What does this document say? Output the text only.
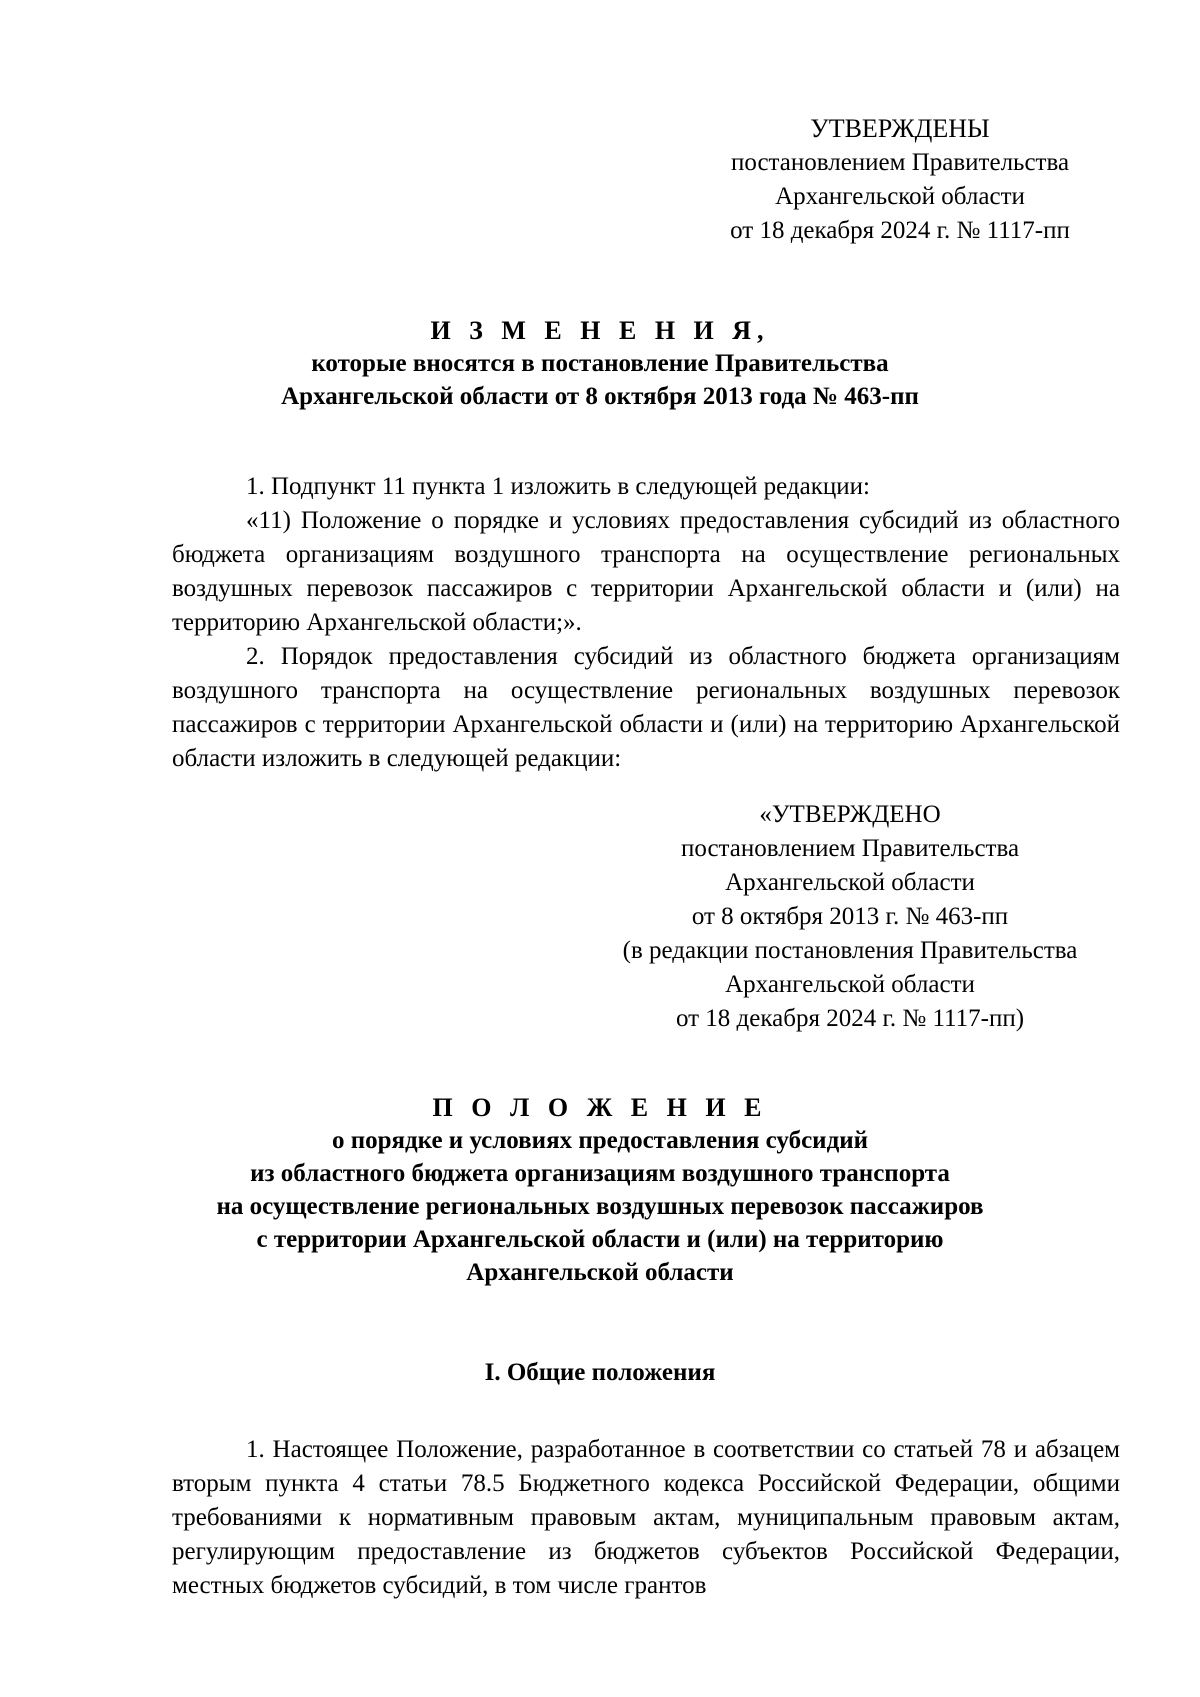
УТВЕРЖДЕНЫ
постановлением Правительства
Архангельской области
от 18 декабря 2024 г. № 1117-пп
И З М Е Н Е Н И Я,
которые вносятся в постановление Правительства
Архангельской области от 8 октября 2013 года № 463-пп

1. Подпункт 11 пункта 1 изложить в следующей редакции:

«11) Положение о порядке и условиях предоставления субсидий из областного бюджета организациям воздушного транспорта на осуществление региональных воздушных перевозок пассажиров с территории Архангельской области и (или) на территорию Архангельской области;».

2. Порядок предоставления субсидий из областного бюджета организациям воздушного транспорта на осуществление региональных воздушных перевозок пассажиров с территории Архангельской области и (или) на территорию Архангельской области изложить в следующей редакции:

«УТВЕРЖДЕНО
постановлением Правительства
Архангельской области
от 8 октября 2013 г. № 463-пп
(в редакции постановления Правительства
Архангельской области
от 18 декабря 2024 г. № 1117-пп)
П О Л О Ж Е Н И Е
о порядке и условиях предоставления субсидий
из областного бюджета организациям воздушного транспорта
на осуществление региональных воздушных перевозок пассажиров
с территории Архангельской области и (или) на территорию
Архангельской области
I. Общие положения

1. Настоящее Положение, разработанное в соответствии со статьей 78 и абзацем вторым пункта 4 статьи 78.5 Бюджетного кодекса Российской Федерации, общими требованиями к нормативным правовым актам, муниципальным правовым актам, регулирующим предоставление из бюджетов субъектов Российской Федерации, местных бюджетов субсидий, в том числе грантов
